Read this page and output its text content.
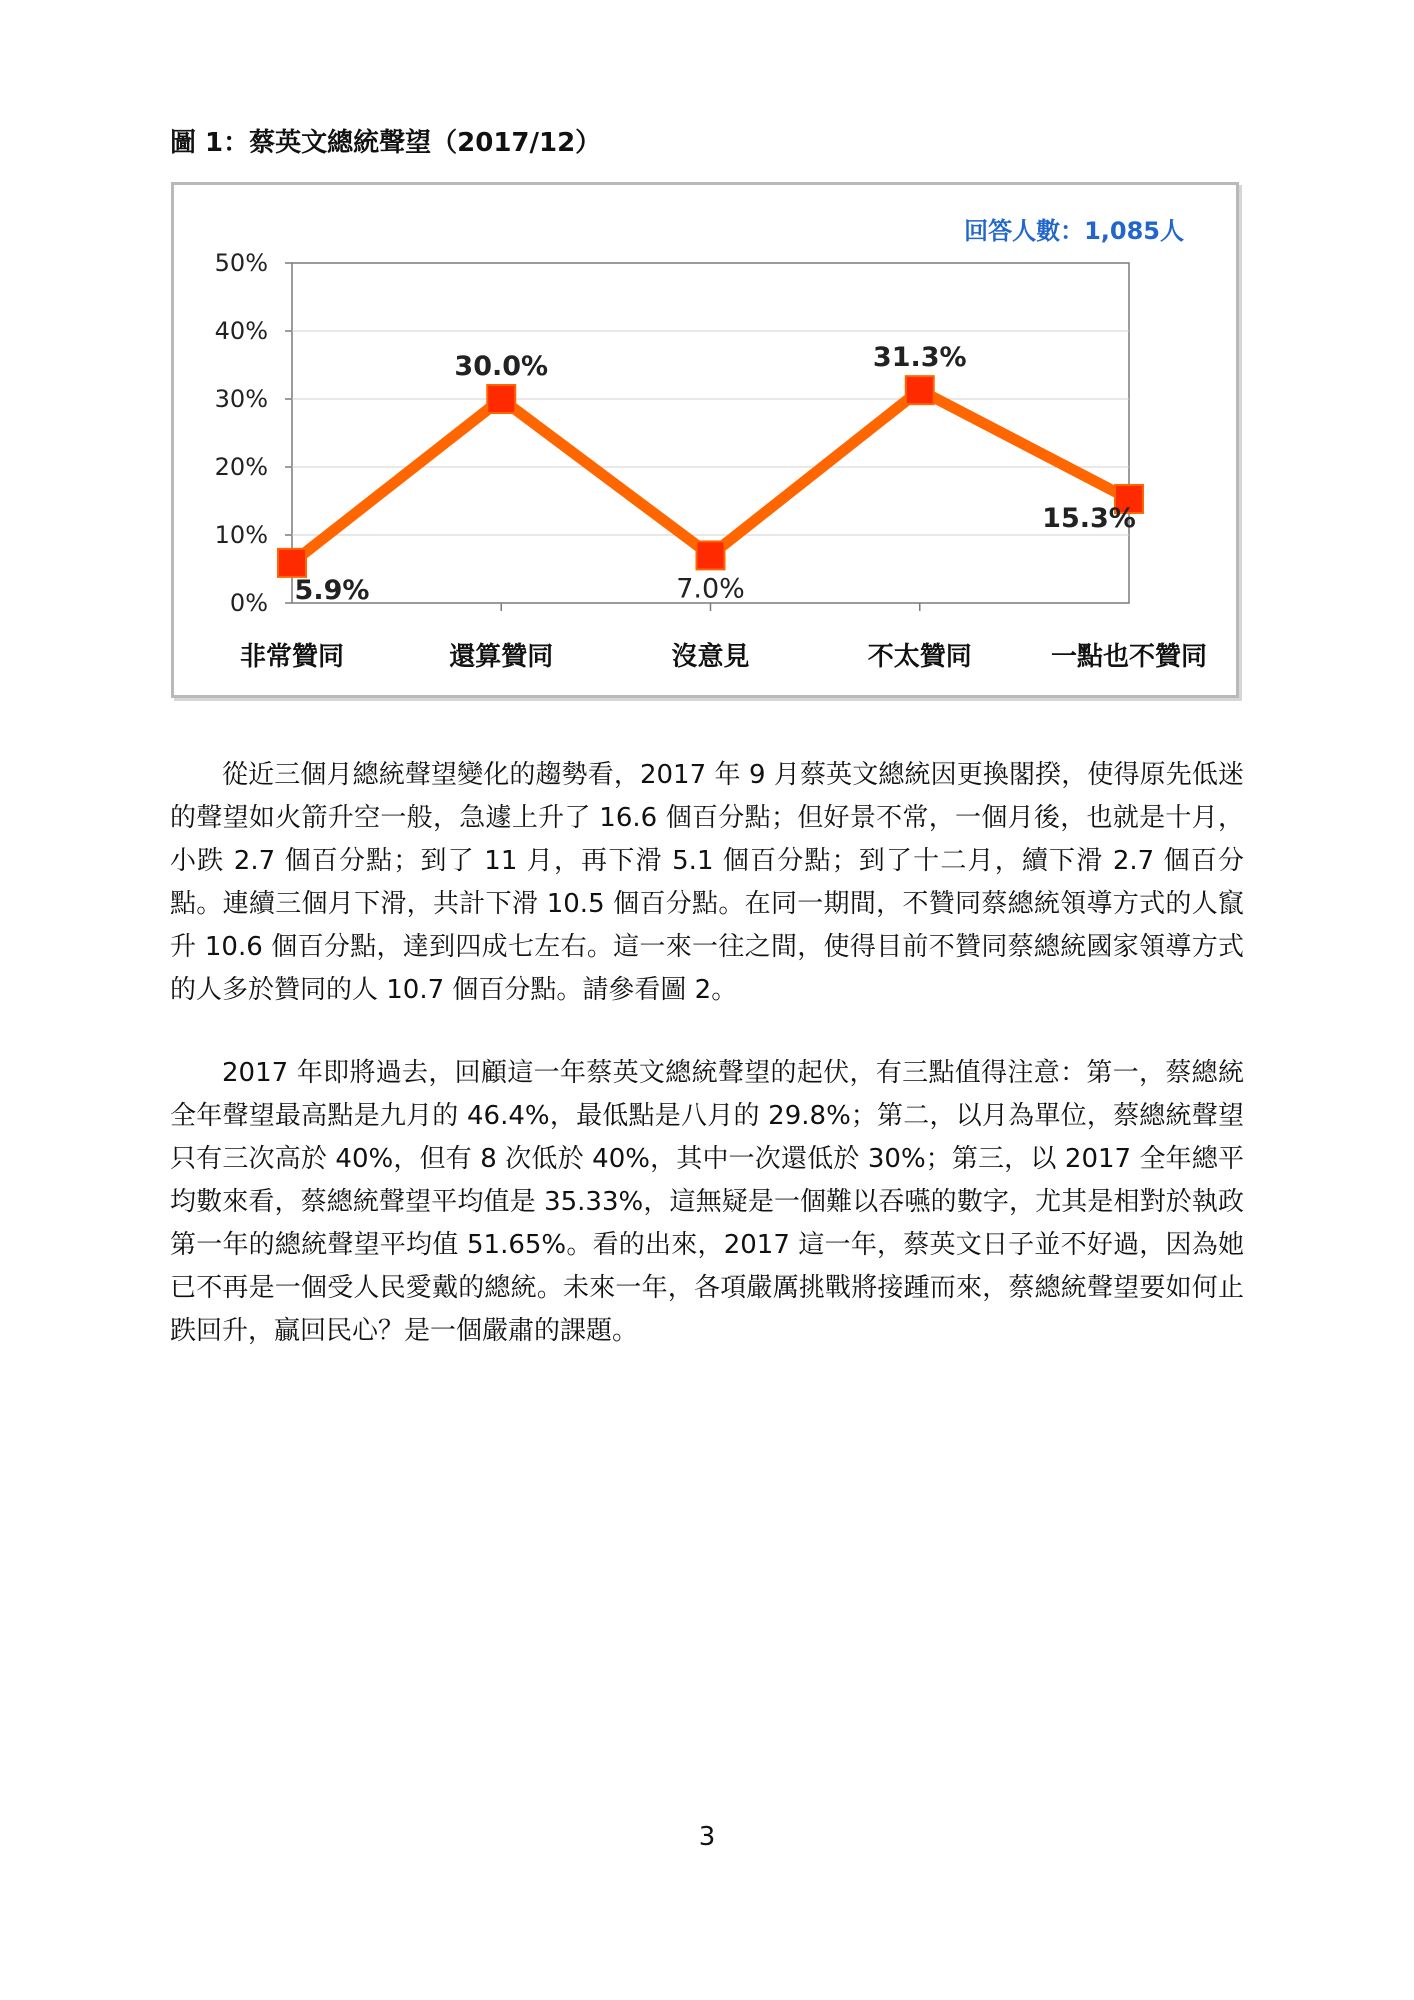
圖 1：蔡英文總統聲望（2017/12）
0%
10%
20%
30%
40%
50%
非常贊同	還算贊同	沒意見	不太贊同	一點也不贊同
5.9%
30.0%
7.0%
31.3%
15.3%
回答人數：1,085人

從近三個月總統聲望變化的趨勢看，2017 年 9 月蔡英文總統因更換閣揆，使得原先低迷的聲望如火箭升空一般，急遽上升了 16.6 個百分點；但好景不常，一個月後，也就是十月，小跌 2.7 個百分點；到了 11 月，再下滑 5.1 個百分點；到了十二月，續下滑 2.7 個百分點。連續三個月下滑，共計下滑 10.5 個百分點。在同一期間，不贊同蔡總統領導方式的人竄升 10.6 個百分點，達到四成七左右。這一來一往之間，使得目前不贊同蔡總統國家領導方式的人多於贊同的人 10.7 個百分點。請參看圖 2。

2017 年即將過去，回顧這一年蔡英文總統聲望的起伏，有三點值得注意：第一，蔡總統全年聲望最高點是九月的 46.4%，最低點是八月的 29.8%；第二，以月為單位，蔡總統聲望只有三次高於 40%，但有 8 次低於 40%，其中一次還低於 30%；第三，以 2017 全年總平均數來看，蔡總統聲望平均值是 35.33%，這無疑是一個難以吞嚥的數字，尤其是相對於執政第一年的總統聲望平均值 51.65%。看的出來，2017 這一年，蔡英文日子並不好過，因為她已不再是一個受人民愛戴的總統。未來一年，各項嚴厲挑戰將接踵而來，蔡總統聲望要如何止跌回升，贏回民心？是一個嚴肅的課題。

3
